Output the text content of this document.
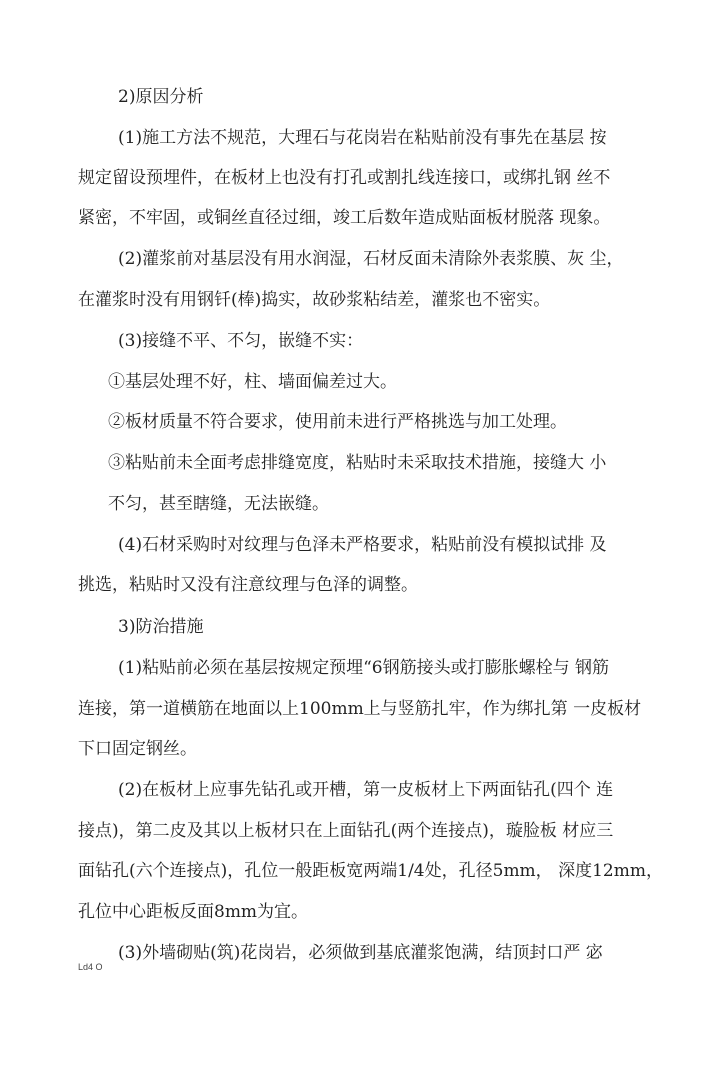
2)原因分析
(1)施工方法不规范，大理石与花岗岩在粘贴前没有事先在基层 按
规定留设预埋件，在板材上也没有打孔或割扎线连接口，或绑扎钢 丝不
紧密，不牢固，或铜丝直径过细，竣工后数年造成贴面板材脱落 现象。
(2)灌浆前对基层没有用水润湿，石材反面未清除外表浆膜、灰 尘，
在灌浆时没有用钢钎(棒)捣实，故砂浆粘结差，灌浆也不密实。
(3)接缝不平、不匀，嵌缝不实：
①基层处理不好，柱、墙面偏差过大。
②板材质量不符合要求，使用前未进行严格挑选与加工处理。
③粘贴前未全面考虑排缝宽度，粘贴时未采取技术措施，接缝大 小
不匀，甚至瞎缝，无法嵌缝。
(4)石材采购时对纹理与色泽未严格要求，粘贴前没有模拟试排 及
挑选，粘贴时又没有注意纹理与色泽的调整。
3)防治措施
(1)粘贴前必须在基层按规定预埋“6钢筋接头或打膨胀螺栓与 钢筋
连接，第一道横筋在地面以上100mm上与竖筋扎牢，作为绑扎第 一皮板材
下口固定钢丝。
(2)在板材上应事先钻孔或开槽，第一皮板材上下两面钻孔(四个 连
接点)，第二皮及其以上板材只在上面钻孔(两个连接点)，璇脸板 材应三
面钻孔(六个连接点)，孔位一般距板宽两端1/4处，孔径5mm， 深度12mm，
孔位中心距板反面8mm为宜。
(3)外墙砌贴(筑)花岗岩，必须做到基底灌浆饱满，结顶封口严 宓
Ld4 O
